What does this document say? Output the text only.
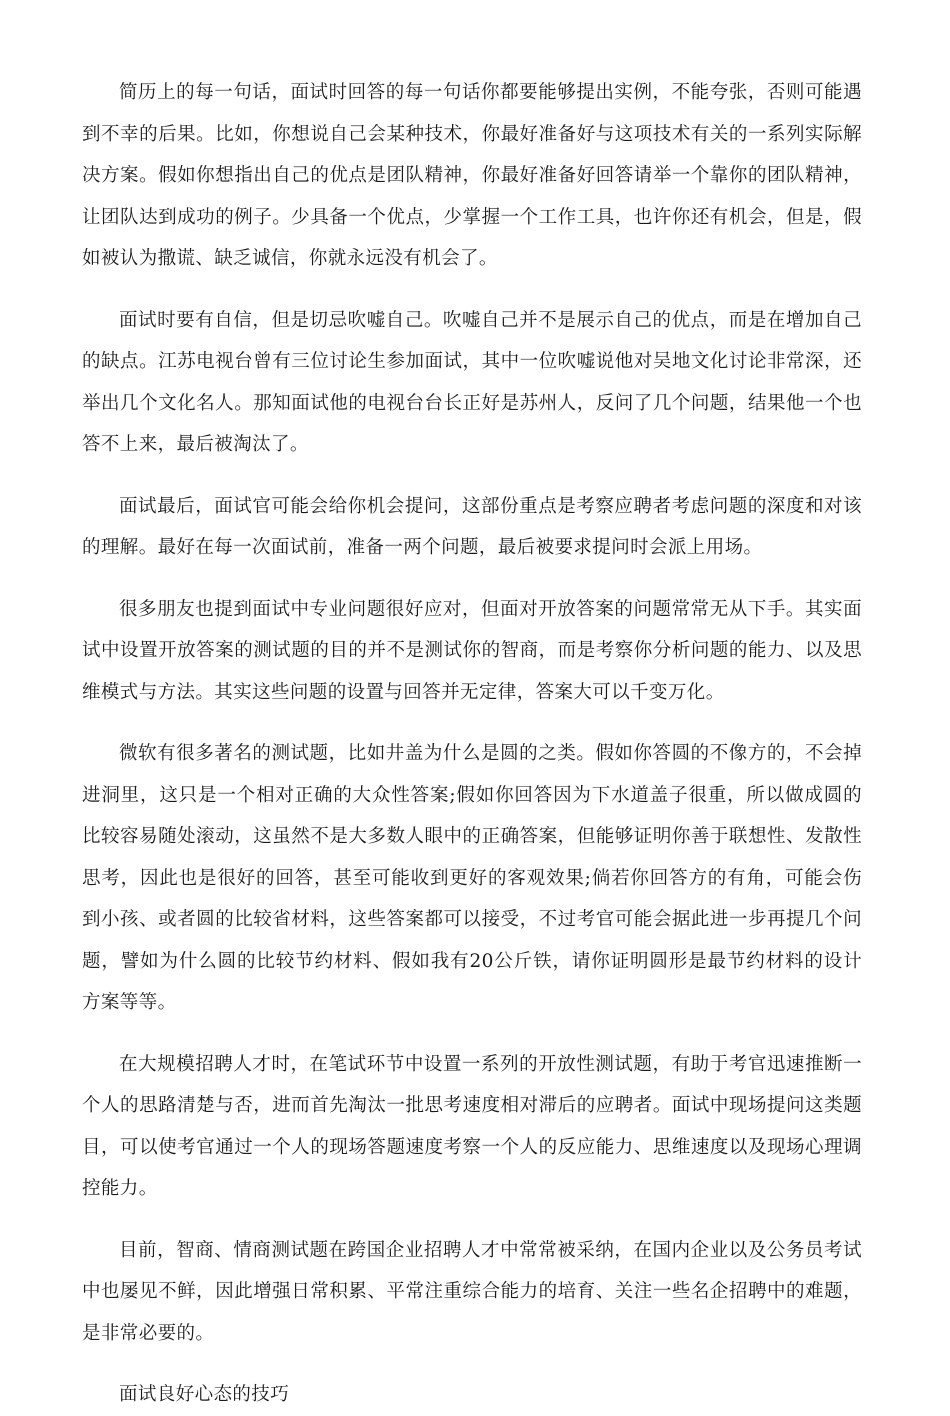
简历上的每一句话，面试时回答的每一句话你都要能够提出实例，不能夸张，否则可能遇到不幸的后果。比如，你想说自己会某种技术，你最好准备好与这项技术有关的一系列实际解决方案。假如你想指出自己的优点是团队精神，你最好准备好回答请举一个靠你的团队精神，让团队达到成功的例子。少具备一个优点，少掌握一个工作工具，也许你还有机会，但是，假如被认为撒谎、缺乏诚信，你就永远没有机会了。

面试时要有自信，但是切忌吹嘘自己。吹嘘自己并不是展示自己的优点，而是在增加自己的缺点。江苏电视台曾有三位讨论生参加面试，其中一位吹嘘说他对吴地文化讨论非常深，还举出几个文化名人。那知面试他的电视台台长正好是苏州人，反问了几个问题，结果他一个也答不上来，最后被淘汰了。

面试最后，面试官可能会给你机会提问，这部份重点是考察应聘者考虑问题的深度和对该的理解。最好在每一次面试前，准备一两个问题，最后被要求提问时会派上用场。

很多朋友也提到面试中专业问题很好应对，但面对开放答案的问题常常无从下手。其实面试中设置开放答案的测试题的目的并不是测试你的智商，而是考察你分析问题的能力、以及思维模式与方法。其实这些问题的设置与回答并无定律，答案大可以千变万化。

微软有很多著名的测试题，比如井盖为什么是圆的之类。假如你答圆的不像方的，不会掉进洞里，这只是一个相对正确的大众性答案;假如你回答因为下水道盖子很重，所以做成圆的比较容易随处滚动，这虽然不是大多数人眼中的正确答案，但能够证明你善于联想性、发散性思考，因此也是很好的回答，甚至可能收到更好的客观效果;倘若你回答方的有角，可能会伤到小孩、或者圆的比较省材料，这些答案都可以接受，不过考官可能会据此进一步再提几个问题，譬如为什么圆的比较节约材料、假如我有20公斤铁，请你证明圆形是最节约材料的设计方案等等。

在大规模招聘人才时，在笔试环节中设置一系列的开放性测试题，有助于考官迅速推断一个人的思路清楚与否，进而首先淘汰一批思考速度相对滞后的应聘者。面试中现场提问这类题目，可以使考官通过一个人的现场答题速度考察一个人的反应能力、思维速度以及现场心理调控能力。

目前，智商、情商测试题在跨国企业招聘人才中常常被采纳，在国内企业以及公务员考试中也屡见不鲜，因此增强日常积累、平常注重综合能力的培育、关注一些名企招聘中的难题，是非常必要的。

面试良好心态的技巧
